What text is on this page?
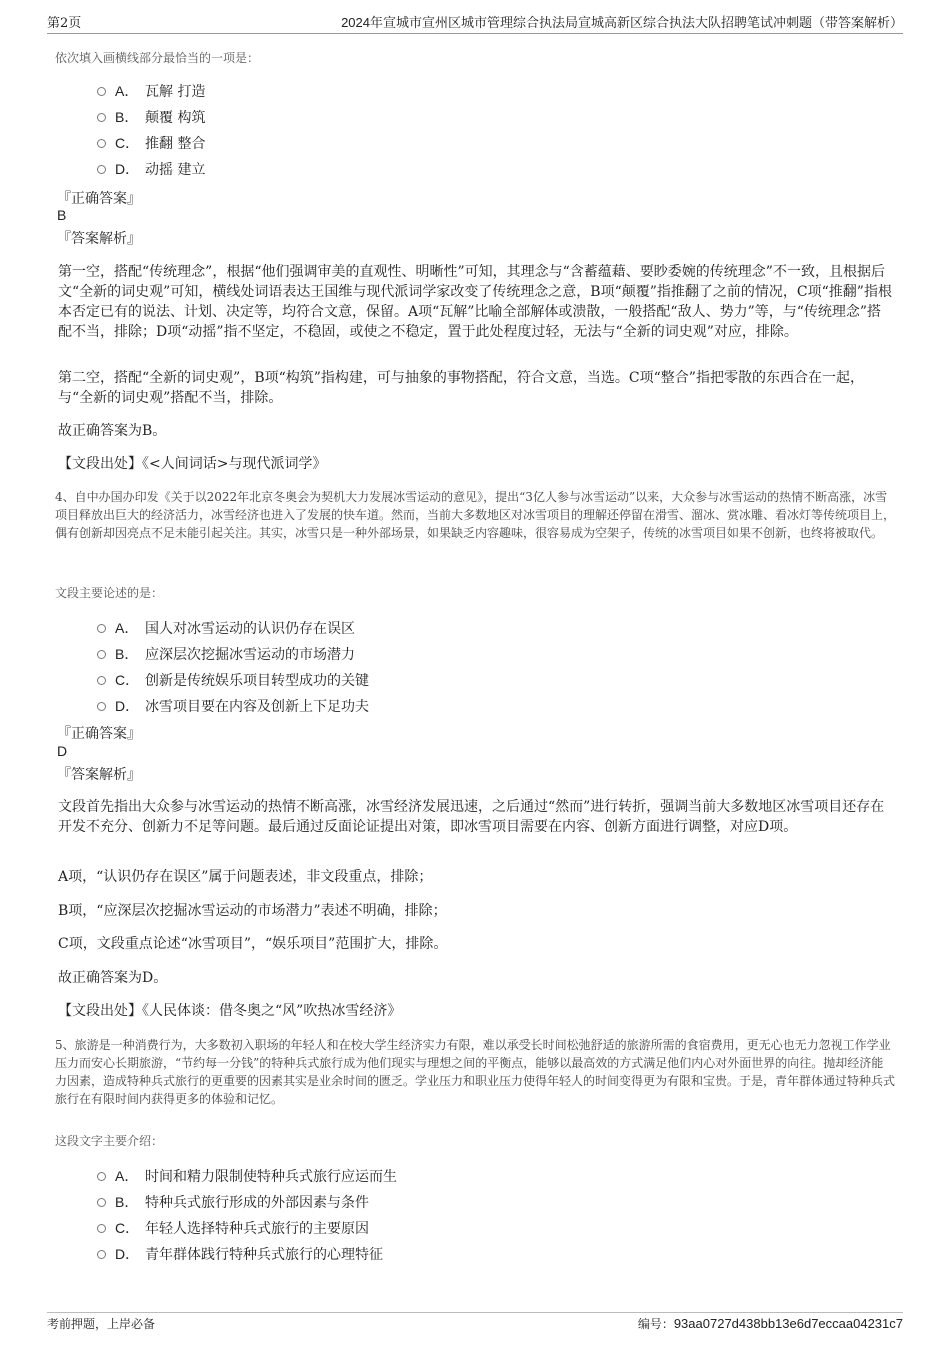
第2页	2024年宣城市宣州区城市管理综合执法局宣城高新区综合执法大队招聘笔试冲刺题（带答案解析）
依次填入画横线部分最恰当的一项是：
A． 瓦解 打造
B． 颠覆 构筑
C． 推翻 整合
D． 动摇 建立
『正确答案』
B
『答案解析』
第一空，搭配“传统理念”，根据“他们强调审美的直观性、明晰性”可知，其理念与“含蓄蕴藉、要眇委婉的传统理念”不一致，且根据后文“全新的词史观”可知，横线处词语表达王国维与现代派词学家改变了传统理念之意，B项“颠覆”指推翻了之前的情况，C项“推翻”指根本否定已有的说法、计划、决定等，均符合文意，保留。A项“瓦解”比喻全部解体或溃散，一般搭配“敌人、势力”等，与“传统理念”搭配不当，排除；D项“动摇”指不坚定，不稳固，或使之不稳定，置于此处程度过轻，无法与“全新的词史观”对应，排除。
第二空，搭配“全新的词史观”，B项“构筑”指构建，可与抽象的事物搭配，符合文意，当选。C项“整合”指把零散的东西合在一起，与“全新的词史观”搭配不当，排除。
故正确答案为B。
【文段出处】《<人间词话>与现代派词学》
4、自中办国办印发《关于以2022年北京冬奥会为契机大力发展冰雪运动的意见》，提出“3亿人参与冰雪运动”以来，大众参与冰雪运动的热情不断高涨，冰雪项目释放出巨大的经济活力，冰雪经济也进入了发展的快车道。然而，当前大多数地区对冰雪项目的理解还停留在滑雪、溜冰、赏冰雕、看冰灯等传统项目上，偶有创新却因亮点不足未能引起关注。其实，冰雪只是一种外部场景，如果缺乏内容趣味，很容易成为空架子，传统的冰雪项目如果不创新，也终将被取代。
文段主要论述的是：
A． 国人对冰雪运动的认识仍存在误区
B． 应深层次挖掘冰雪运动的市场潜力
C． 创新是传统娱乐项目转型成功的关键
D． 冰雪项目要在内容及创新上下足功夫
『正确答案』
D
『答案解析』
文段首先指出大众参与冰雪运动的热情不断高涨，冰雪经济发展迅速，之后通过“然而”进行转折，强调当前大多数地区冰雪项目还存在开发不充分、创新力不足等问题。最后通过反面论证提出对策，即冰雪项目需要在内容、创新方面进行调整，对应D项。
A项，“认识仍存在误区”属于问题表述，非文段重点，排除；
B项，“应深层次挖掘冰雪运动的市场潜力”表述不明确，排除；
C项，文段重点论述“冰雪项目”，“娱乐项目”范围扩大，排除。
故正确答案为D。
【文段出处】《人民体谈：借冬奥之“风”吹热冰雪经济》
5、旅游是一种消费行为，大多数初入职场的年轻人和在校大学生经济实力有限，难以承受长时间松弛舒适的旅游所需的食宿费用，更无心也无力忽视工作学业压力而安心长期旅游，“节约每一分钱”的特种兵式旅行成为他们现实与理想之间的平衡点，能够以最高效的方式满足他们内心对外面世界的向往。抛却经济能力因素，造成特种兵式旅行的更重要的因素其实是业余时间的匮乏。学业压力和职业压力使得年轻人的时间变得更为有限和宝贵。于是，青年群体通过特种兵式旅行在有限时间内获得更多的体验和记忆。
这段文字主要介绍：
A． 时间和精力限制使特种兵式旅行应运而生
B． 特种兵式旅行形成的外部因素与条件
C． 年轻人选择特种兵式旅行的主要原因
D． 青年群体践行特种兵式旅行的心理特征
考前押题，上岸必备	编号：93aa0727d438bb13e6d7eccaa04231c7
